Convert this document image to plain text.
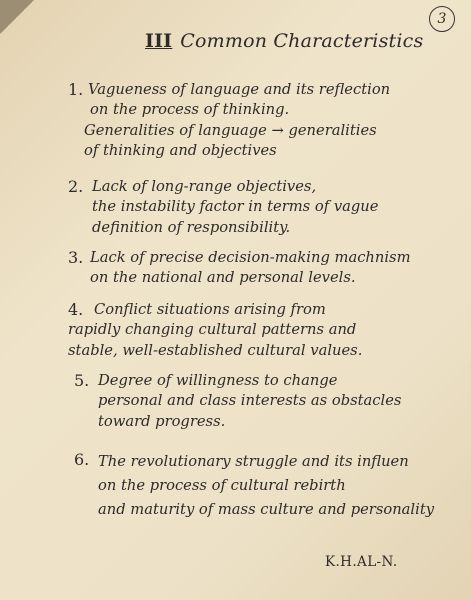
3
III Common Characteristics
1. Vagueness of language and its reflection
on the process of thinking.
Generalities of language → generalities
of thinking and objectives
2. Lack of long-range objectives,
the instability factor in terms of vague
definition of responsibility.
3. Lack of precise decision-making machnism
on the national and personal levels.
4. Conflict situations arising from
rapidly changing cultural patterns and
stable, well-established cultural values.
5. Degree of willingness to change
personal and class interests as obstacles
toward progress.
6. The revolutionary struggle and its influen
on the process of cultural rebirth
and maturity of mass culture and personality
K.H.AL-N.
